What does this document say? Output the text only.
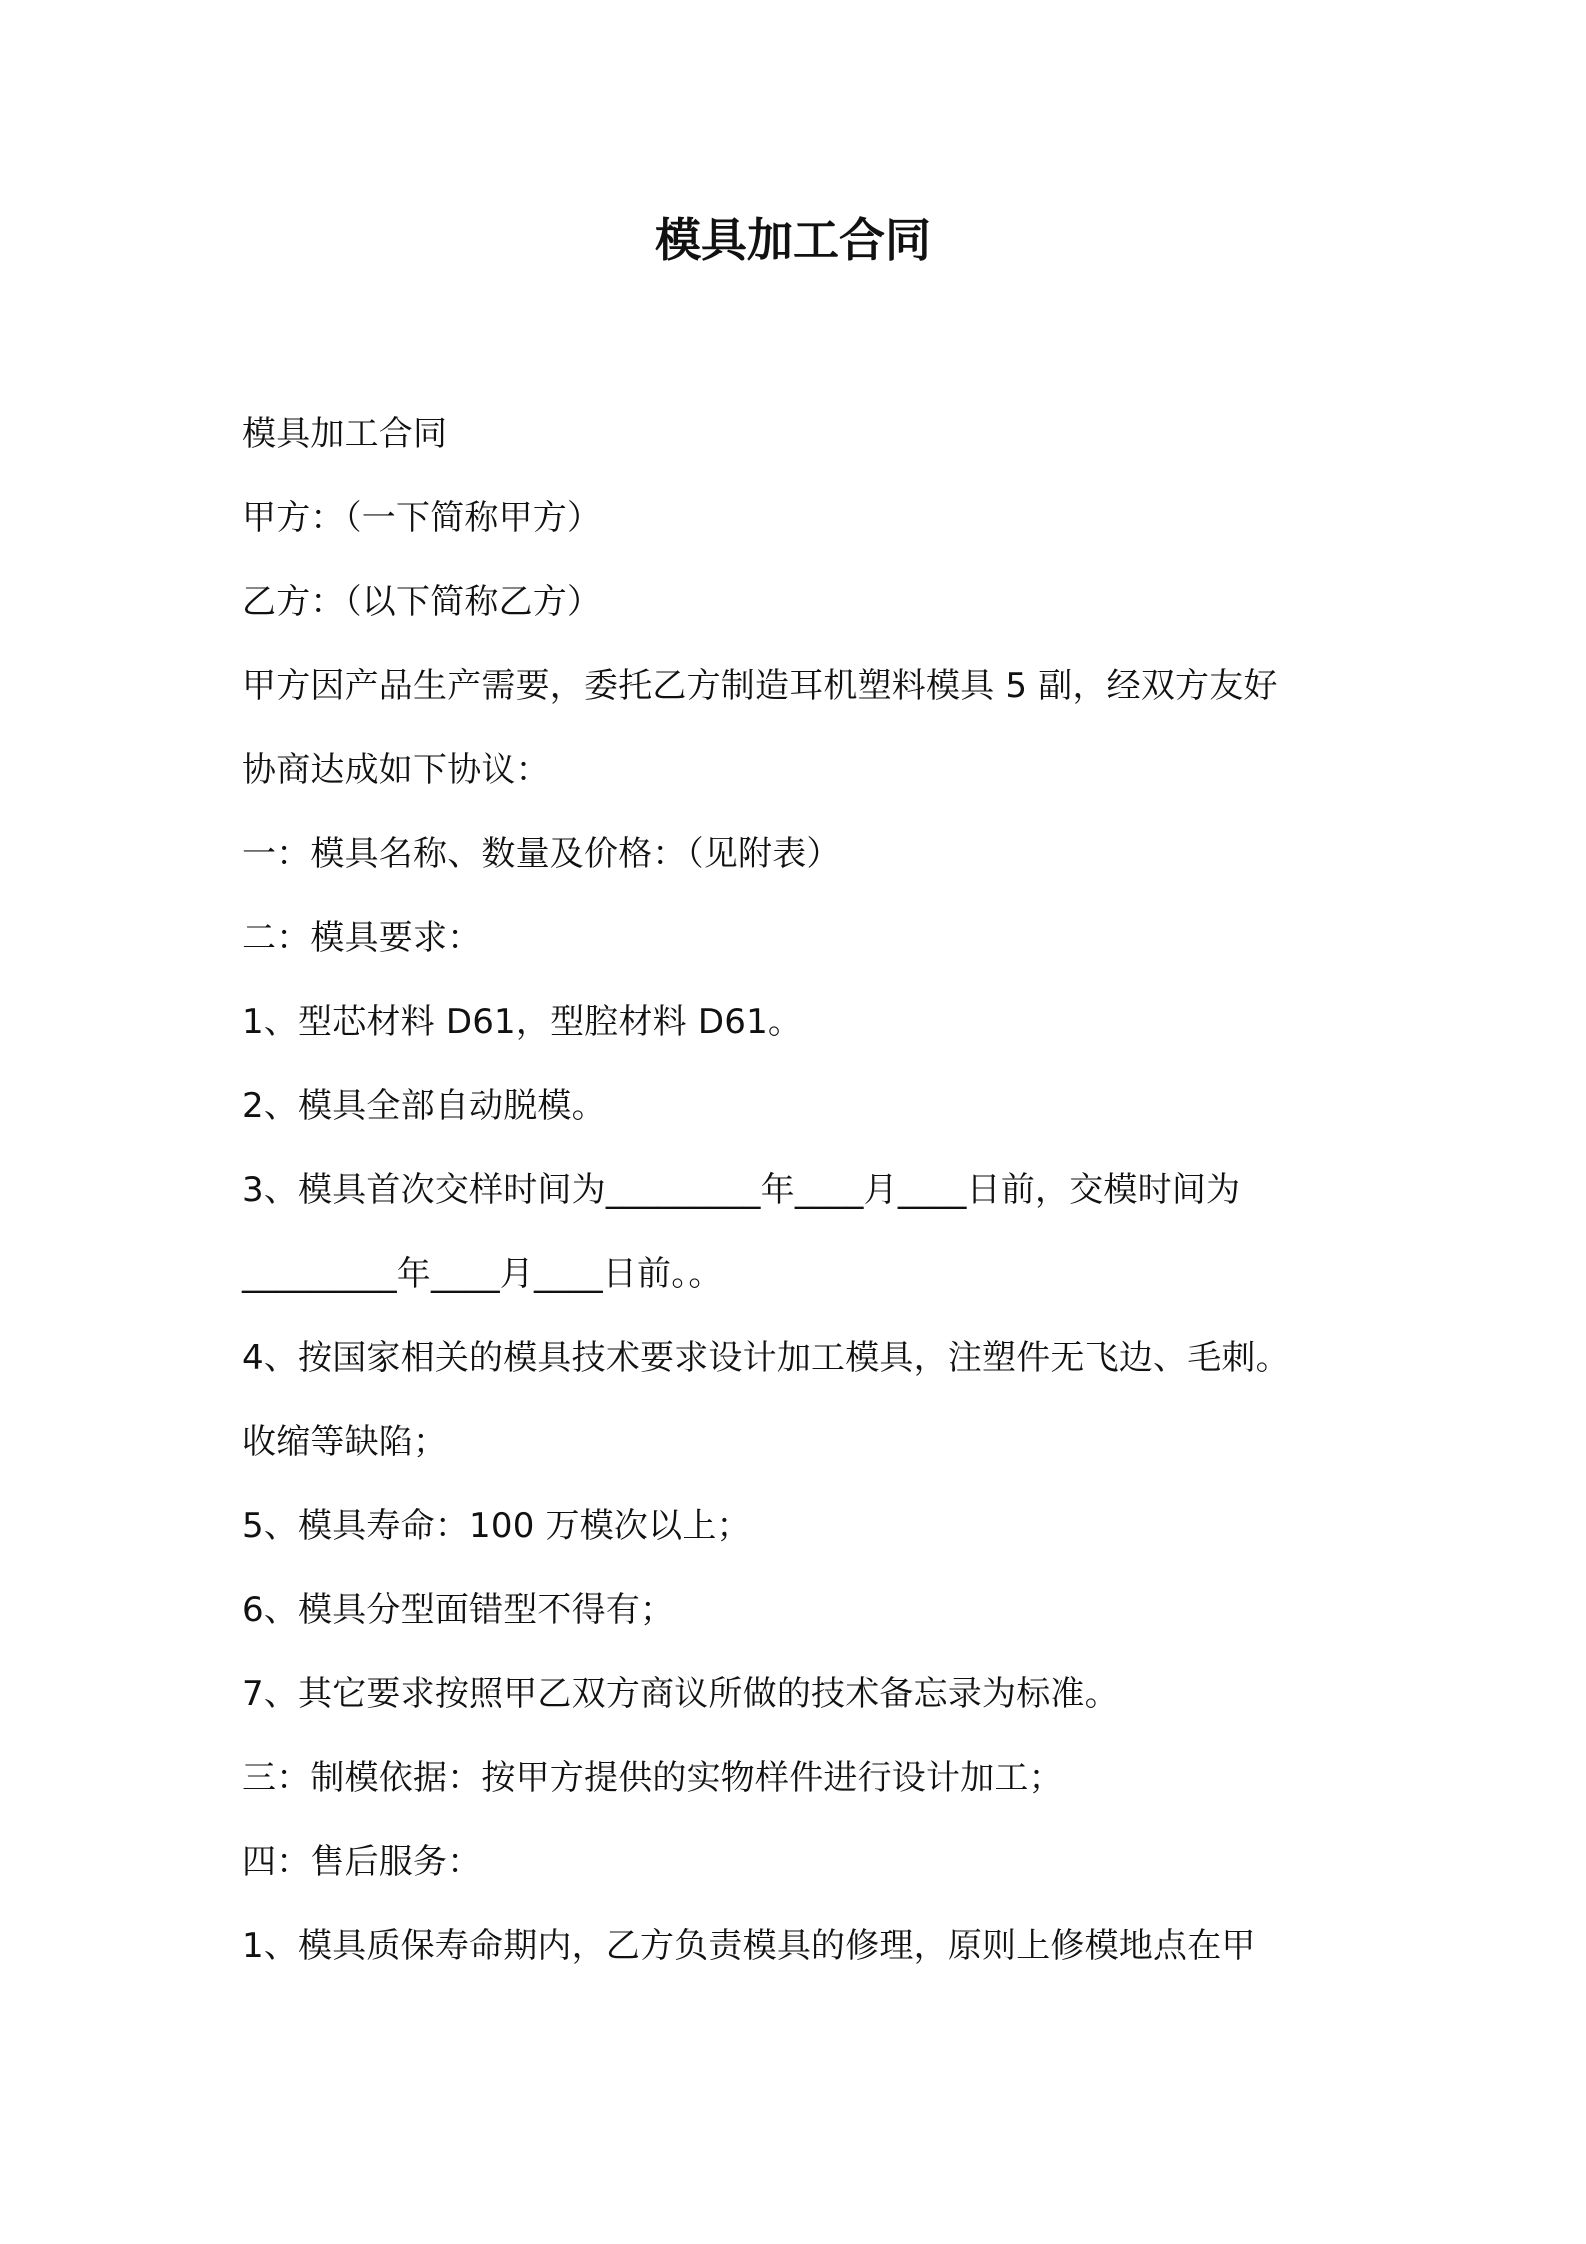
模具加工合同
模具加工合同
甲方：（一下简称甲方）
乙方：（以下简称乙方）
甲方因产品生产需要，委托乙方制造耳机塑料模具 5 副，经双方友好
协商达成如下协议：
一：模具名称、数量及价格：（见附表）
二：模具要求：
1、型芯材料 D61，型腔材料 D61。
2、模具全部自动脱模。
3、模具首次交样时间为_________年____月____日前，交模时间为
_________年____月____日前。。
4、按国家相关的模具技术要求设计加工模具，注塑件无飞边、毛刺。
收缩等缺陷；
5、模具寿命：100 万模次以上；
6、模具分型面错型不得有；
7、其它要求按照甲乙双方商议所做的技术备忘录为标准。
三：制模依据：按甲方提供的实物样件进行设计加工；
四：售后服务：
1、模具质保寿命期内，乙方负责模具的修理，原则上修模地点在甲
